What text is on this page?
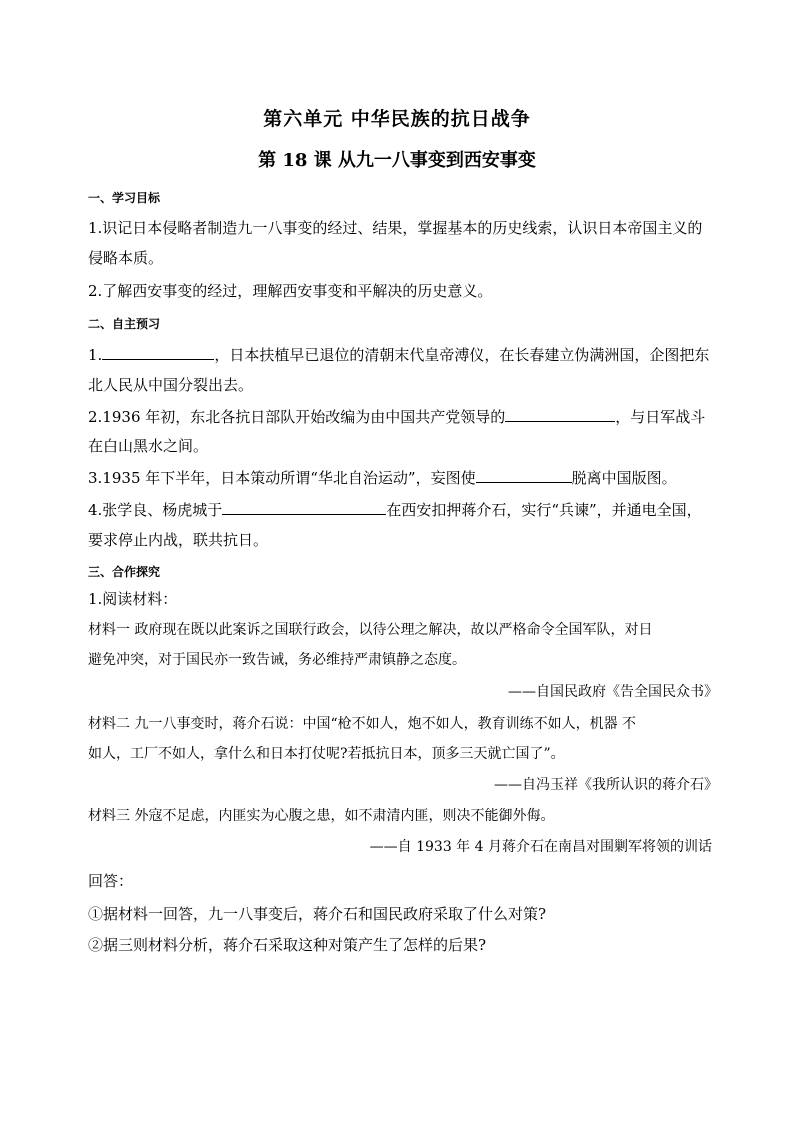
第六单元 中华民族的抗日战争
第 18 课 从九一八事变到西安事变
一、学习目标
1.识记日本侵略者制造九一八事变的经过、结果，掌握基本的历史线索，认识日本帝国主义的
侵略本质。
2.了解西安事变的经过，理解西安事变和平解决的历史意义。
二、自主预习
1.	，日本扶植早已退位的清朝末代皇帝溥仪，在长春建立伪满洲国，企图把东
北人民从中国分裂出去。
2.1936 年初，东北各抗日部队开始改编为由中国共产党领导的	，与日军战斗
在白山黑水之间。
3.1935 年下半年，日本策动所谓“华北自治运动”，妄图使	脱离中国版图。
4.张学良、杨虎城于	在西安扣押蒋介石，实行“兵谏”，并通电全国，
要求停止内战，联共抗日。
三、合作探究
1.阅读材料：
材料一 政府现在既以此案诉之国联行政会，以待公理之解决，故以严格命令全国军队，对日
避免冲突，对于国民亦一致告诫，务必维持严肃镇静之态度。
——自国民政府《告全国民众书》
材料二 九一八事变时，蒋介石说：中国“枪不如人，炮不如人，教育训练不如人，机器 不
如人，工厂不如人，拿什么和日本打仗呢?若抵抗日本，顶多三天就亡国了”。
——自冯玉祥《我所认识的蒋介石》
材料三 外寇不足虑，内匪实为心腹之患，如不肃清内匪，则决不能御外侮。
——自 1933 年 4 月蒋介石在南昌对围剿军将领的训话
回答：
①据材料一回答，九一八事变后，蒋介石和国民政府采取了什么对策?
②据三则材料分析，蒋介石采取这种对策产生了怎样的后果?
